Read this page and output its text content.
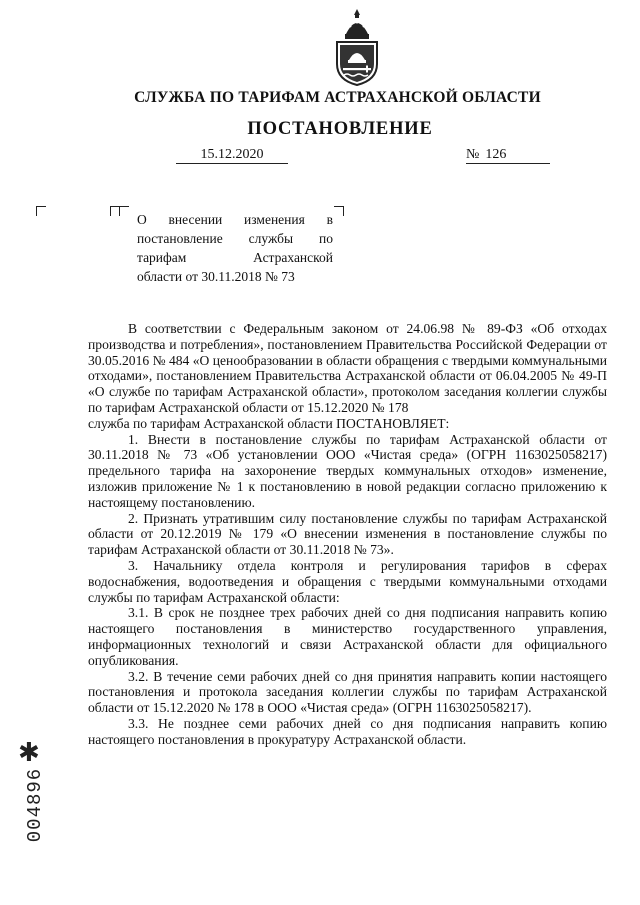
СЛУЖБА ПО ТАРИФАМ АСТРАХАНСКОЙ ОБЛАСТИ
ПОСТАНОВЛЕНИЕ
15.12.2020	№ 126
О внесении изменения в
постановление службы по
тарифам Астраханской
области от 30.11.2018 № 73

В соответствии с Федеральным законом от 24.06.98 № 89-ФЗ «Об отходах производства и потребления», постановлением Правительства Российской Федерации от 30.05.2016 № 484 «О ценообразовании в области обращения с твердыми коммунальными отходами», постановлением Правительства Астраханской области от 06.04.2005 № 49-П «О службе по тарифам Астраханской области», протоколом заседания коллегии службы по тарифам Астраханской области от 15.12.2020 № 178

служба по тарифам Астраханской области ПОСТАНОВЛЯЕТ:

1. Внести в постановление службы по тарифам Астраханской области от 30.11.2018 № 73 «Об установлении ООО «Чистая среда» (ОГРН 1163025058217) предельного тарифа на захоронение твердых коммунальных отходов» изменение, изложив приложение № 1 к постановлению в новой редакции согласно приложению к настоящему постановлению.

2. Признать утратившим силу постановление службы по тарифам Астраханской области от 20.12.2019 № 179 «О внесении изменения в постановление службы по тарифам Астраханской области от 30.11.2018 № 73».

3. Начальнику отдела контроля и регулирования тарифов в сферах водоснабжения, водоотведения и обращения с твердыми коммунальными отходами службы по тарифам Астраханской области:

3.1. В срок не позднее трех рабочих дней со дня подписания направить копию настоящего постановления в министерство государственного управления, информационных технологий и связи Астраханской области для официального опубликования.

3.2. В течение семи рабочих дней со дня принятия направить копии настоящего постановления и протокола заседания коллегии службы по тарифам Астраханской области от 15.12.2020 № 178 в ООО «Чистая среда» (ОГРН 1163025058217).

3.3. Не позднее семи рабочих дней со дня подписания направить копию настоящего постановления в прокуратуру Астраханской области.

✱
004896
